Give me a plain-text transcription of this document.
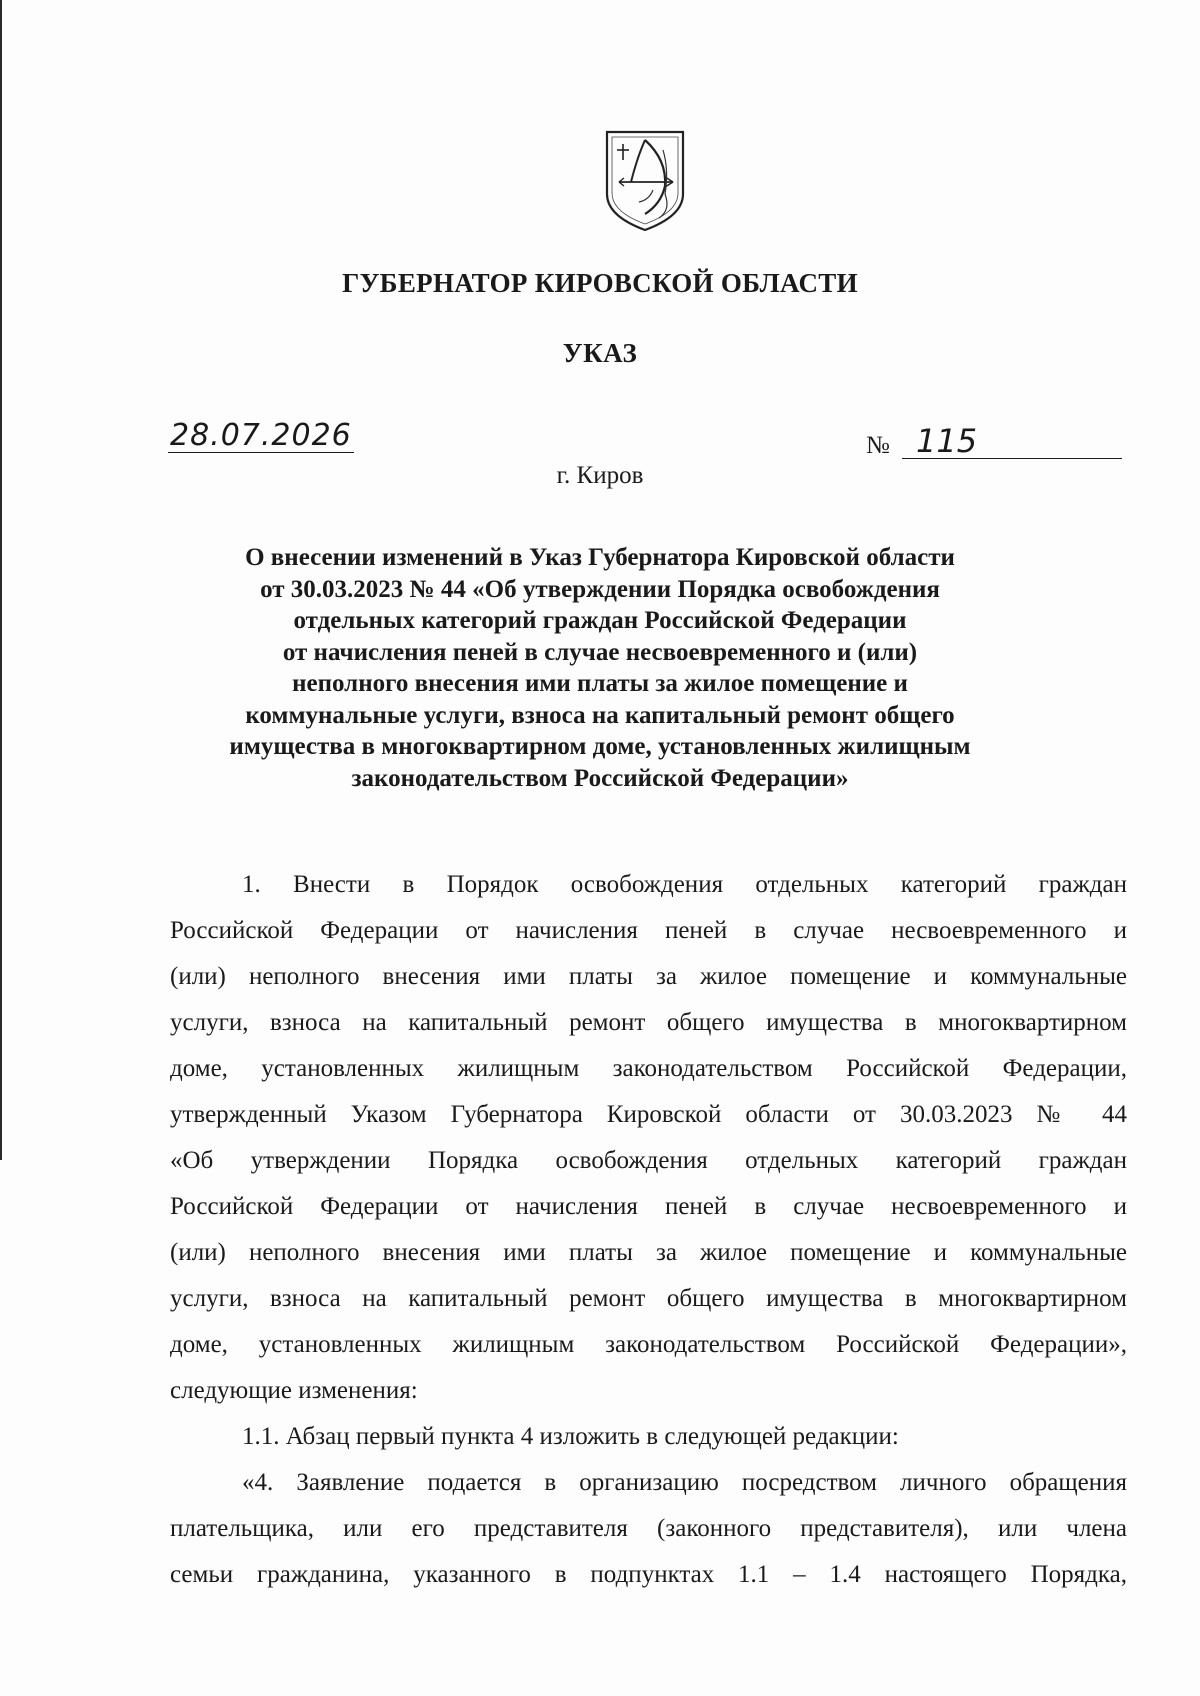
ГУБЕРНАТОР КИРОВСКОЙ ОБЛАСТИ

УКАЗ

28.07.2026	№ 115
г. Киров
О внесении изменений в Указ Губернатора Кировской области
от 30.03.2023 № 44 «Об утверждении Порядка освобождения
отдельных категорий граждан Российской Федерации
от начисления пеней в случае несвоевременного и (или)
неполного внесения ими платы за жилое помещение и
коммунальные услуги, взноса на капитальный ремонт общего
имущества в многоквартирном доме, установленных жилищным
законодательством Российской Федерации»
1. Внести в Порядок освобождения отдельных категорий граждан
Российской Федерации от начисления пеней в случае несвоевременного и
(или) неполного внесения ими платы за жилое помещение и коммунальные
услуги, взноса на капитальный ремонт общего имущества в многоквартирном
доме, установленных жилищным законодательством Российской Федерации,
утвержденный Указом Губернатора Кировской области от 30.03.2023 № 44
«Об утверждении Порядка освобождения отдельных категорий граждан
Российской Федерации от начисления пеней в случае несвоевременного и
(или) неполного внесения ими платы за жилое помещение и коммунальные
услуги, взноса на капитальный ремонт общего имущества в многоквартирном
доме, установленных жилищным законодательством Российской Федерации»,
следующие изменения:
1.1. Абзац первый пункта 4 изложить в следующей редакции:
«4. Заявление подается в организацию посредством личного обращения
плательщика, или его представителя (законного представителя), или члена
семьи гражданина, указанного в подпунктах 1.1 – 1.4 настоящего Порядка,
